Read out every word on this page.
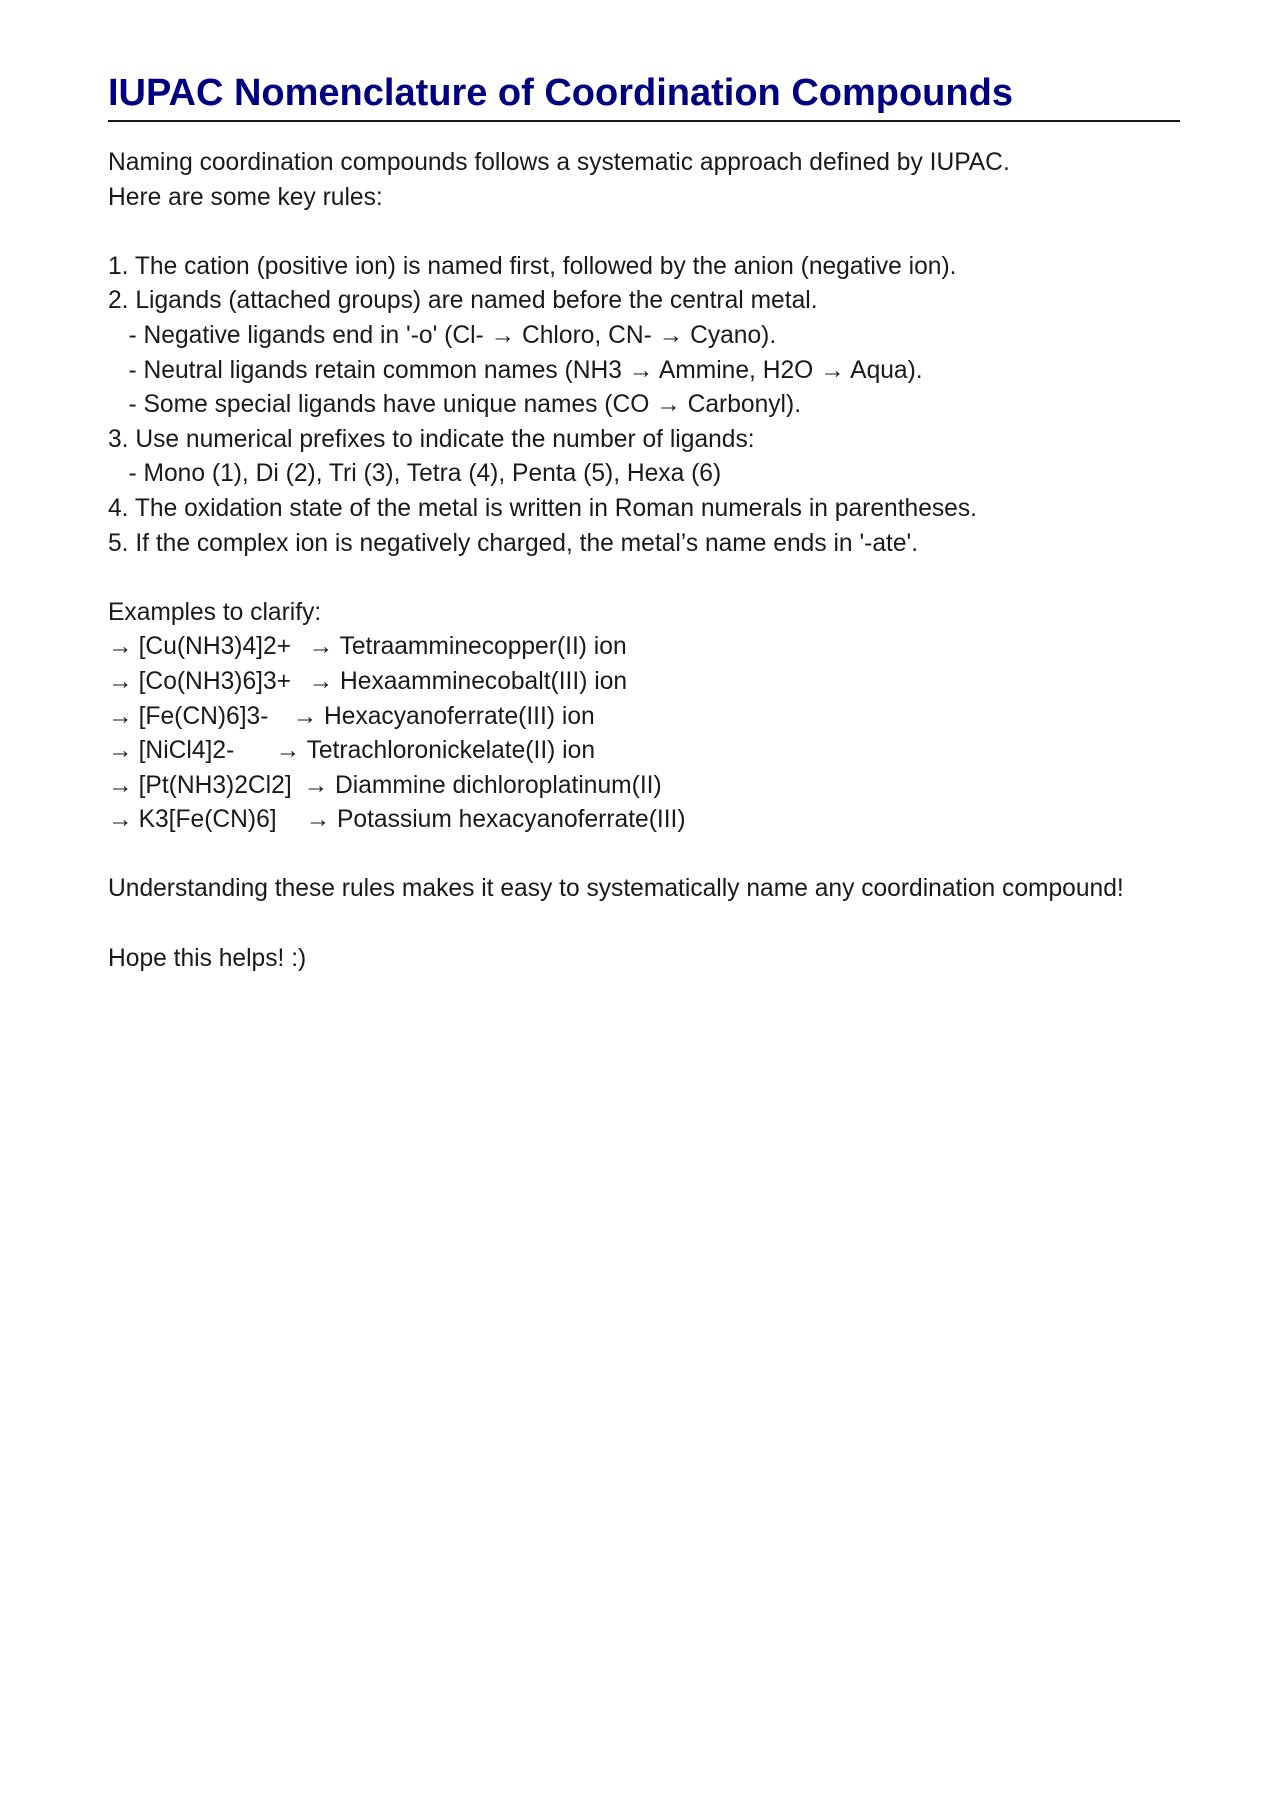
IUPAC Nomenclature of Coordination Compounds
Naming coordination compounds follows a systematic approach defined by IUPAC.
Here are some key rules:
1. The cation (positive ion) is named first, followed by the anion (negative ion).
2. Ligands (attached groups) are named before the central metal.
- Negative ligands end in '-o' (Cl- → Chloro, CN- → Cyano).
- Neutral ligands retain common names (NH3 → Ammine, H2O → Aqua).
- Some special ligands have unique names (CO → Carbonyl).
3. Use numerical prefixes to indicate the number of ligands:
- Mono (1), Di (2), Tri (3), Tetra (4), Penta (5), Hexa (6)
4. The oxidation state of the metal is written in Roman numerals in parentheses.
5. If the complex ion is negatively charged, the metal’s name ends in '-ate'.
Examples to clarify:
→ [Cu(NH3)4]2+ → Tetraamminecopper(II) ion
→ [Co(NH3)6]3+ → Hexaamminecobalt(III) ion
→ [Fe(CN)6]3- → Hexacyanoferrate(III) ion
→ [NiCl4]2-	→ Tetrachloronickelate(II) ion
→ [Pt(NH3)2Cl2] → Diammine dichloroplatinum(II)
→ K3[Fe(CN)6]	→ Potassium hexacyanoferrate(III)
Understanding these rules makes it easy to systematically name any coordination compound!
Hope this helps! :)
